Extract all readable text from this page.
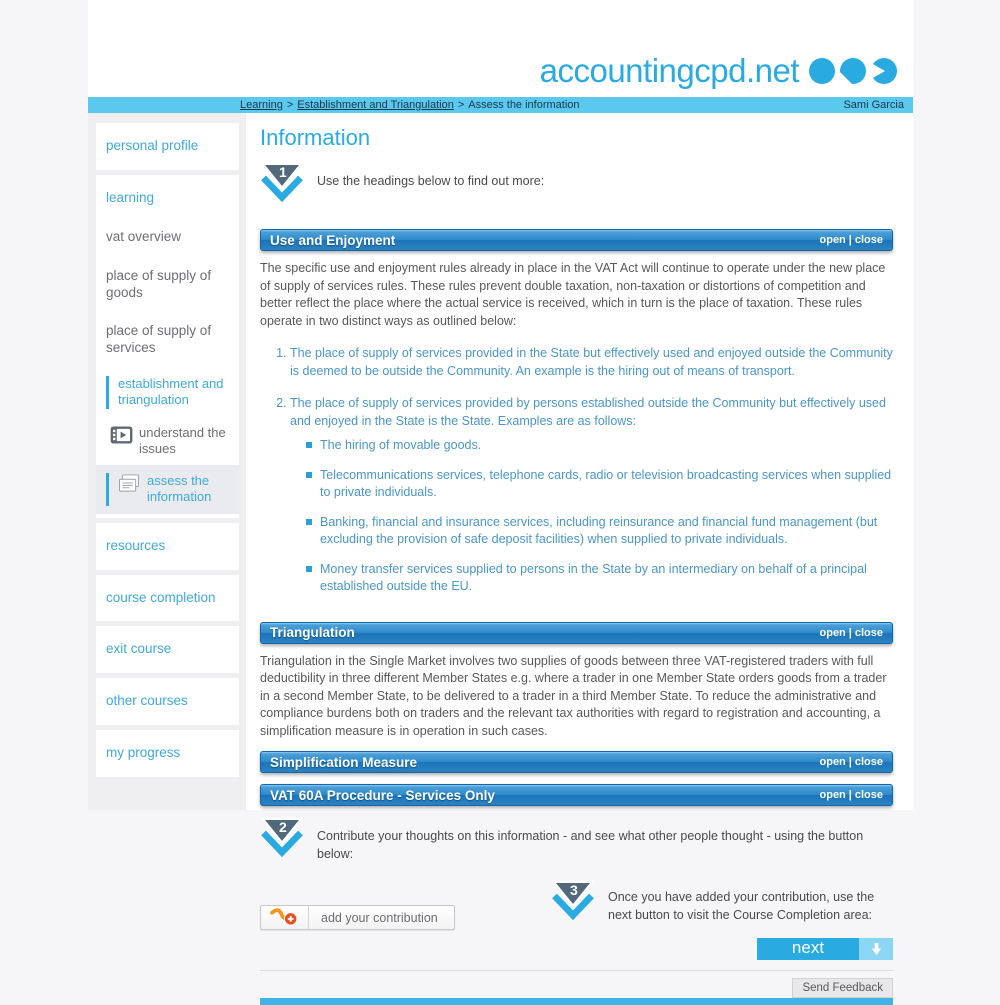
accountingcpd.net
Learning > Establishment and Triangulation > Assess the information	Sami Garcia
personal profile
learning
vat overview
place of supply of goods
place of supply of services
establishment and triangulation
understand the issues
assess the information
resources
course completion
exit course
other courses
my progress
Information
1
Use the headings below to find out more:
Use and Enjoyment	open | close

The specific use and enjoyment rules already in place in the VAT Act will continue to operate under the new place of supply of services rules. These rules prevent double taxation, non-taxation or distortions of competition and better reflect the place where the actual service is received, which in turn is the place of taxation. These rules operate in two distinct ways as outlined below:

1. The place of supply of services provided in the State but effectively used and enjoyed outside the Community is deemed to be outside the Community. An example is the hiring out of means of transport.
2. The place of supply of services provided by persons established outside the Community but effectively used and enjoyed in the State is the State. Examples are as follows:
The hiring of movable goods.
Telecommunications services, telephone cards, radio or television broadcasting services when supplied to private individuals.
Banking, financial and insurance services, including reinsurance and financial fund management (but excluding the provision of safe deposit facilities) when supplied to private individuals.
Money transfer services supplied to persons in the State by an intermediary on behalf of a principal established outside the EU.
Triangulation	open | close

Triangulation in the Single Market involves two supplies of goods between three VAT-registered traders with full deductibility in three different Member States e.g. where a trader in one Member State orders goods from a trader in a second Member State, to be delivered to a trader in a third Member State. To reduce the administrative and compliance burdens both on traders and the relevant tax authorities with regard to registration and accounting, a simplification measure is in operation in such cases.

Simplification Measure	open | close
VAT 60A Procedure - Services Only	open | close
2
Contribute your thoughts on this information - and see what other people thought - using the button below:
add your contribution
3 Once you have added your contribution, use the next button to visit the Course Completion area:
next
Send Feedback
